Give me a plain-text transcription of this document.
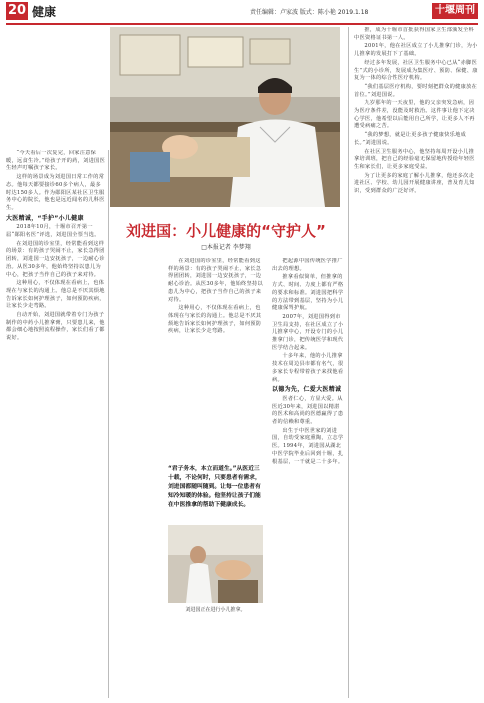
20 健康	责任编辑：卢家波 版式：陈小艳 2019.1.18	十堰周刊

“今天看后一次复完，回家注意保暖，远食生冷。”给孩子开的药，刘进国医生轻声叮嘱孩子家长。

这样的场景成为刘进国日常工作的常态。他每天都要接诊60多个病人，最多时达150多人。作为郧阳区某社区卫生服务中心的院长，他也是远近闻名的儿科医生。

大医精诚，“手护”小儿健康

2018年10月，十堰市召开第一届“郧阳名医”评选，刘进国全票当选。

在刘进国的诊室里，经常能看到这样的场景：有的孩子哭闹不止，家长急得团团转，刘进国一边安抚孩子，一边耐心诊治。从医30多年，他始终坚持以患儿为中心，把孩子当作自己的孩子来对待。

这种用心，不仅体现在看病上，也体现在与家长的沟通上。他总是不厌其烦地告诉家长如何护理孩子，如何预防疾病，让家长少走弯路。

自动开始，刘进国就带着专门为孩子制作的中药小儿推拿膏，只要患儿来，他都会细心地按照流程操作，家长们看了都说好。

刘进国：小儿健康的“守护人”
□本报记者 李梦翔

把起源中国传统医学推广出去的理想。

推拿看似简单，但推拿的方式、时间、力度上都有严格的要求和标准。刘进国把科学的方法带到基层，坚持为小儿健康保驾护航。

2007年，刘进国得到市卫生局支持，在社区成立了小儿推拿中心，开设专门的小儿推拿门诊，把传统医学和现代医学结合起来。

十多年来，他的小儿推拿技术在周边县市都有名气，很多家长专程带着孩子来找他看病。

以德为先，仁爱大医精诚

医者仁心，方显大爱。从医近30年来，刘进国以精湛的医术和高尚的医德赢得了患者的信赖和尊重。

出生于中医世家的刘进国，自幼受家庭熏陶，立志学医。1994年，刘进国从湖北中医学院毕业后回到十堰，扎根基层，一干就是二十多年。

在刘进国的诊室里，经常能看到这样的场景：有的孩子哭闹不止，家长急得团团转，刘进国一边安抚孩子，一边耐心诊治。从医30多年，他始终坚持以患儿为中心，把孩子当作自己的孩子来对待。

这种用心，不仅体现在看病上，也体现在与家长的沟通上。他总是不厌其烦地告诉家长如何护理孩子，如何预防疾病，让家长少走弯路。

推，成为十堰市首批获得国家卫生部颁发全科中医资格证书第一人。

2001年，他在社区成立了小儿推拿门诊，为小儿推拿的发展打下了基础。

经过多年发展，社区卫生服务中心已从“赤脚医生”式的小诊所，发展成为集医疗、预防、保健、康复为一体的综合性医疗机构。

“我们基层医疗机构，要时刻把群众的健康放在首位。”刘进国说。

九岁那年的一天夜里，他的父亲突发急病，因为医疗条件差，没能及时救治。这件事让他下定决心学医，他希望以后能用自己所学，让更多人不再遭受病痛之苦。

“我的梦想，就是让更多孩子健康快乐地成长。”刘进国说。

在社区卫生服务中心，他坚持每周开设小儿推拿培训班，把自己的经验毫无保留地传授给年轻医生和家长们，让更多家庭受益。

为了让更多的家庭了解小儿推拿，他还多次走进社区、学校、幼儿园开展健康讲座，普及育儿知识，受到群众的广泛好评。

“君子务本，本立而道生。”从医近三十载，不论何时，只要患者有需求，刘进国都随叫随到。让每一位患者有知冷知暖的体验。他坚持让孩子们能在中医推拿的帮助下健康成长。
刘进国正在进行小儿推拿。
